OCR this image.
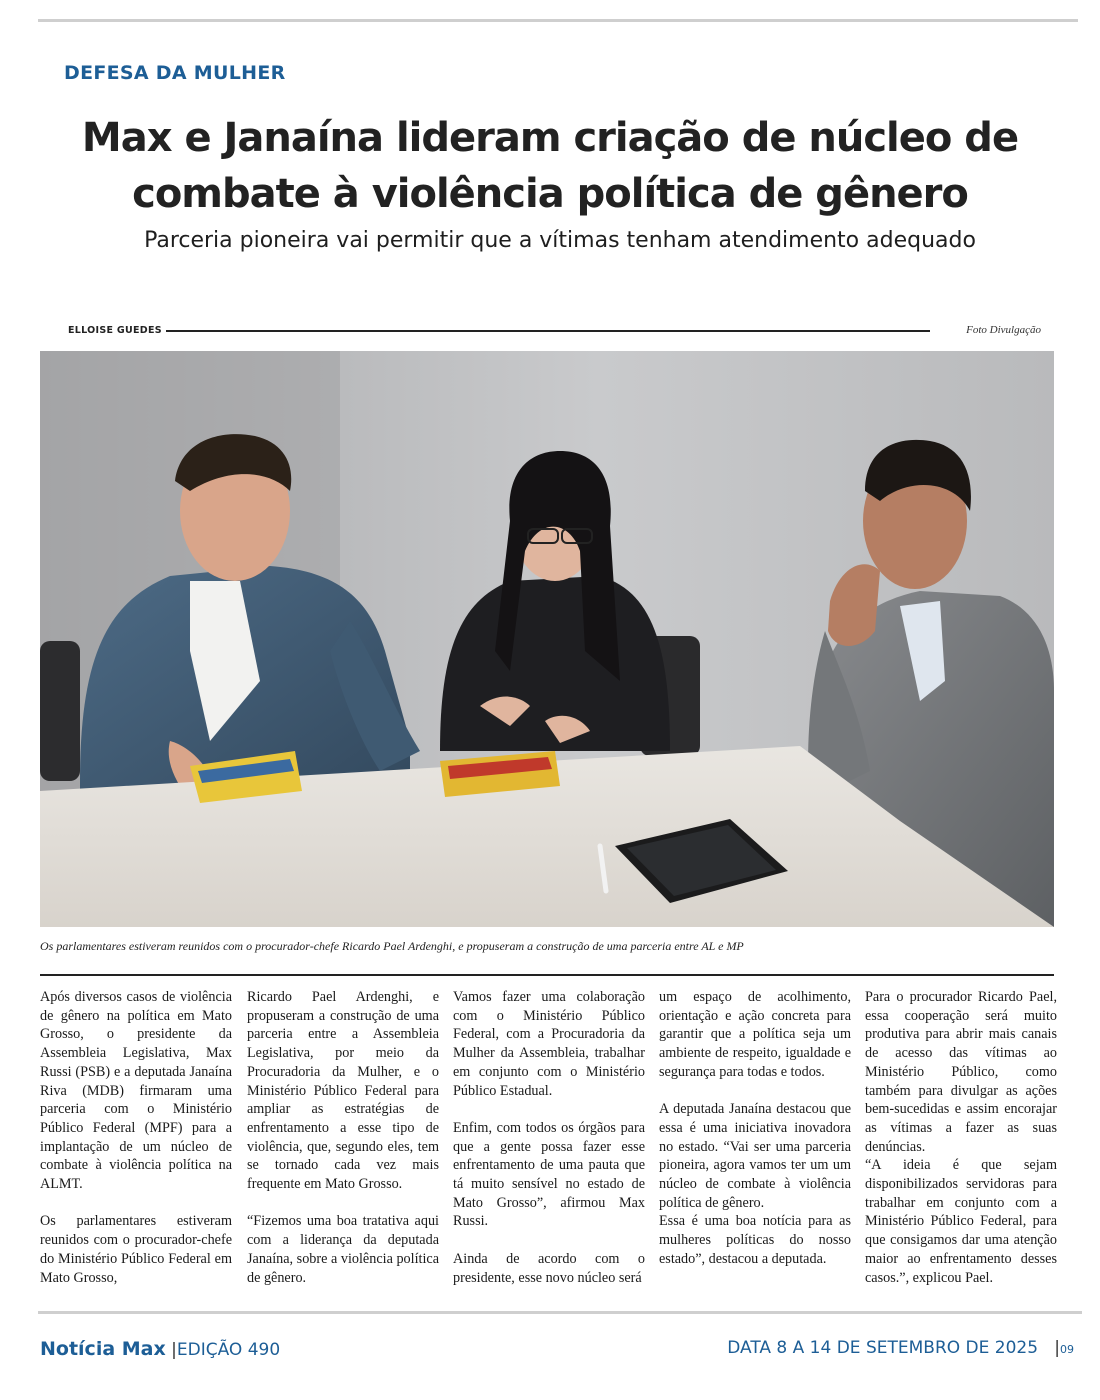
DEFESA DA MULHER
Max e Janaína lideram criação de núcleo de
combate à violência política de gênero
Parceria pioneira vai permitir que a vítimas tenham atendimento adequado
ELLOISE GUEDES	Foto Divulgação
Os parlamentares estiveram reunidos com o procurador-chefe Ricardo Pael Ardenghi, e propuseram a construção de uma parceria entre AL e MP

Após diversos casos de violência de gênero na política em Mato Grosso, o presidente da Assembleia Legislativa, Max Russi (PSB) e a deputada Janaína Riva (MDB) firmaram uma parceria com o Ministério Público Federal (MPF) para a implantação de um núcleo de combate à violência política na ALMT.

Os parlamentares estiveram reunidos com o procurador-chefe do Ministério Público Federal em Mato Grosso,

Ricardo Pael Ardenghi, e propuseram a construção de uma parceria entre a Assembleia Legislativa, por meio da Procuradoria da Mulher, e o Ministério Público Federal para ampliar as estratégias de enfrentamento a esse tipo de violência, que, segundo eles, tem se tornado cada vez mais frequente em Mato Grosso.

“Fizemos uma boa tratativa aqui com a liderança da deputada Janaína, sobre a violência política de gênero.

Vamos fazer uma colaboração com o Ministério Público Federal, com a Procuradoria da Mulher da Assembleia, trabalhar em conjunto com o Ministério Público Estadual.

Enfim, com todos os órgãos para que a gente possa fazer esse enfrentamento de uma pauta que tá muito sensível no estado de Mato Grosso”, afirmou Max Russi.

Ainda de acordo com o presidente, esse novo núcleo será

um espaço de acolhimento, orientação e ação concreta para garantir que a política seja um ambiente de respeito, igualdade e segurança para todas e todos.

A deputada Janaína destacou que essa é uma iniciativa inovadora no estado. “Vai ser uma parceria pioneira, agora vamos ter um um núcleo de combate à violência política de gênero.

Essa é uma boa notícia para as mulheres políticas do nosso estado”, destacou a deputada.

Para o procurador Ricardo Pael, essa cooperação será muito produtiva para abrir mais canais de acesso das vítimas ao Ministério Público, como também para divulgar as ações bem-sucedidas e assim encorajar as vítimas a fazer as suas denúncias.

“A ideia é que sejam disponibilizados servidoras para trabalhar em conjunto com a Ministério Público Federal, para que consigamos dar uma atenção maior ao enfrentamento desses casos.”, explicou Pael.

Notícia Max |EDIÇÃO 490	DATA 8 A 14 DE SETEMBRO DE 2025   |09
